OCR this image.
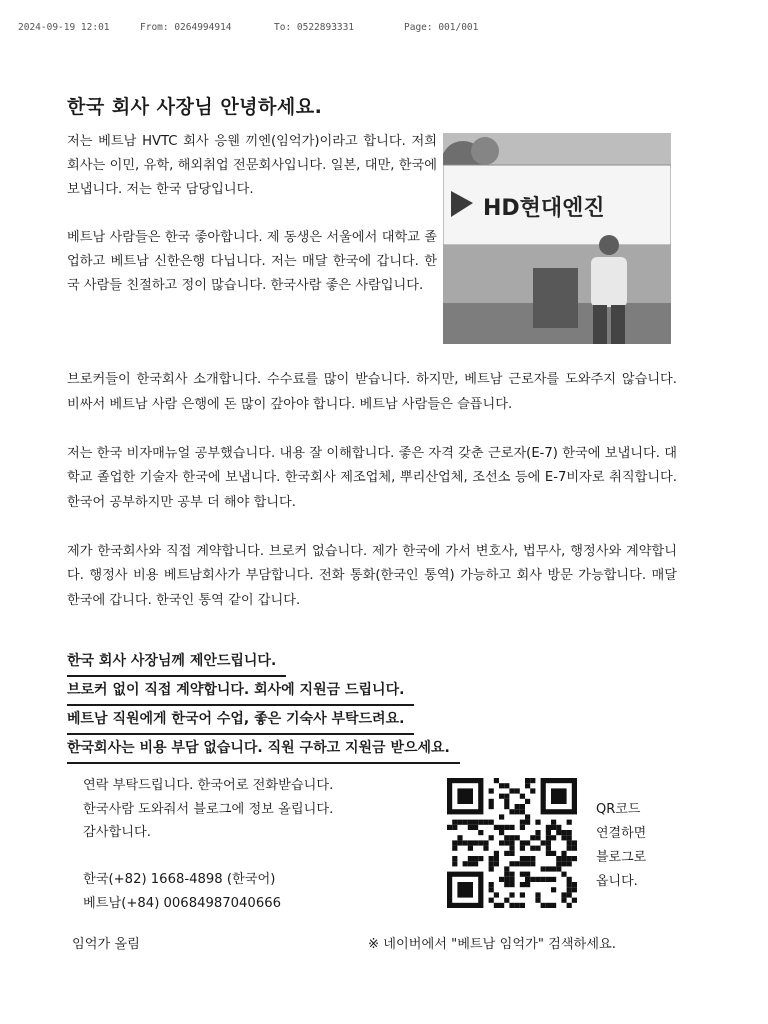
2024-09-19 12:01	From: 0264994914	To: 0522893331	Page: 001/001
한국 회사 사장님 안녕하세요.

저는 베트남 HVTC 회사 응웬 끼엔(임억가)이라고 합니다. 저희 회사는 이민, 유학, 해외취업 전문회사입니다. 일본, 대만, 한국에 보냅니다. 저는 한국 담당입니다.

베트남 사람들은 한국 좋아합니다. 제 동생은 서울에서 대학교 졸업하고 베트남 신한은행 다닙니다. 저는 매달 한국에 갑니다. 한국 사람들 친절하고 정이 많습니다. 한국사람 좋은 사람입니다.

HD현대엔진

브로커들이 한국회사 소개합니다. 수수료를 많이 받습니다. 하지만, 베트남 근로자를 도와주지 않습니다. 비싸서 베트남 사람 은행에 돈 많이 갚아야 합니다. 베트남 사람들은 슬픕니다.

저는 한국 비자매뉴얼 공부했습니다. 내용 잘 이해합니다. 좋은 자격 갖춘 근로자(E-7) 한국에 보냅니다. 대학교 졸업한 기술자 한국에 보냅니다. 한국회사 제조업체, 뿌리산업체, 조선소 등에 E-7비자로 취직합니다. 한국어 공부하지만 공부 더 해야 합니다.

제가 한국회사와 직접 계약합니다. 브로커 없습니다. 제가 한국에 가서 변호사, 법무사, 행정사와 계약합니다. 행정사 비용 베트남회사가 부담합니다. 전화 통화(한국인 통역) 가능하고 회사 방문 가능합니다. 매달 한국에 갑니다. 한국인 통역 같이 갑니다.

한국 회사 사장님께 제안드립니다.
브로커 없이 직접 계약합니다. 회사에 지원금 드립니다.
베트남 직원에게 한국어 수업, 좋은 기숙사 부탁드려요.
한국회사는 비용 부담 없습니다. 직원 구하고 지원금 받으세요.
연락 부탁드립니다. 한국어로 전화받습니다.
한국사람 도와줘서 블로그에 정보 올립니다.
감사합니다.
한국(+82) 1668-4898 (한국어)
베트남(+84) 00684987040666
QR코드
연결하면
블로그로
옵니다.
임억가 올림	※ 네이버에서 "베트남 임억가" 검색하세요.
